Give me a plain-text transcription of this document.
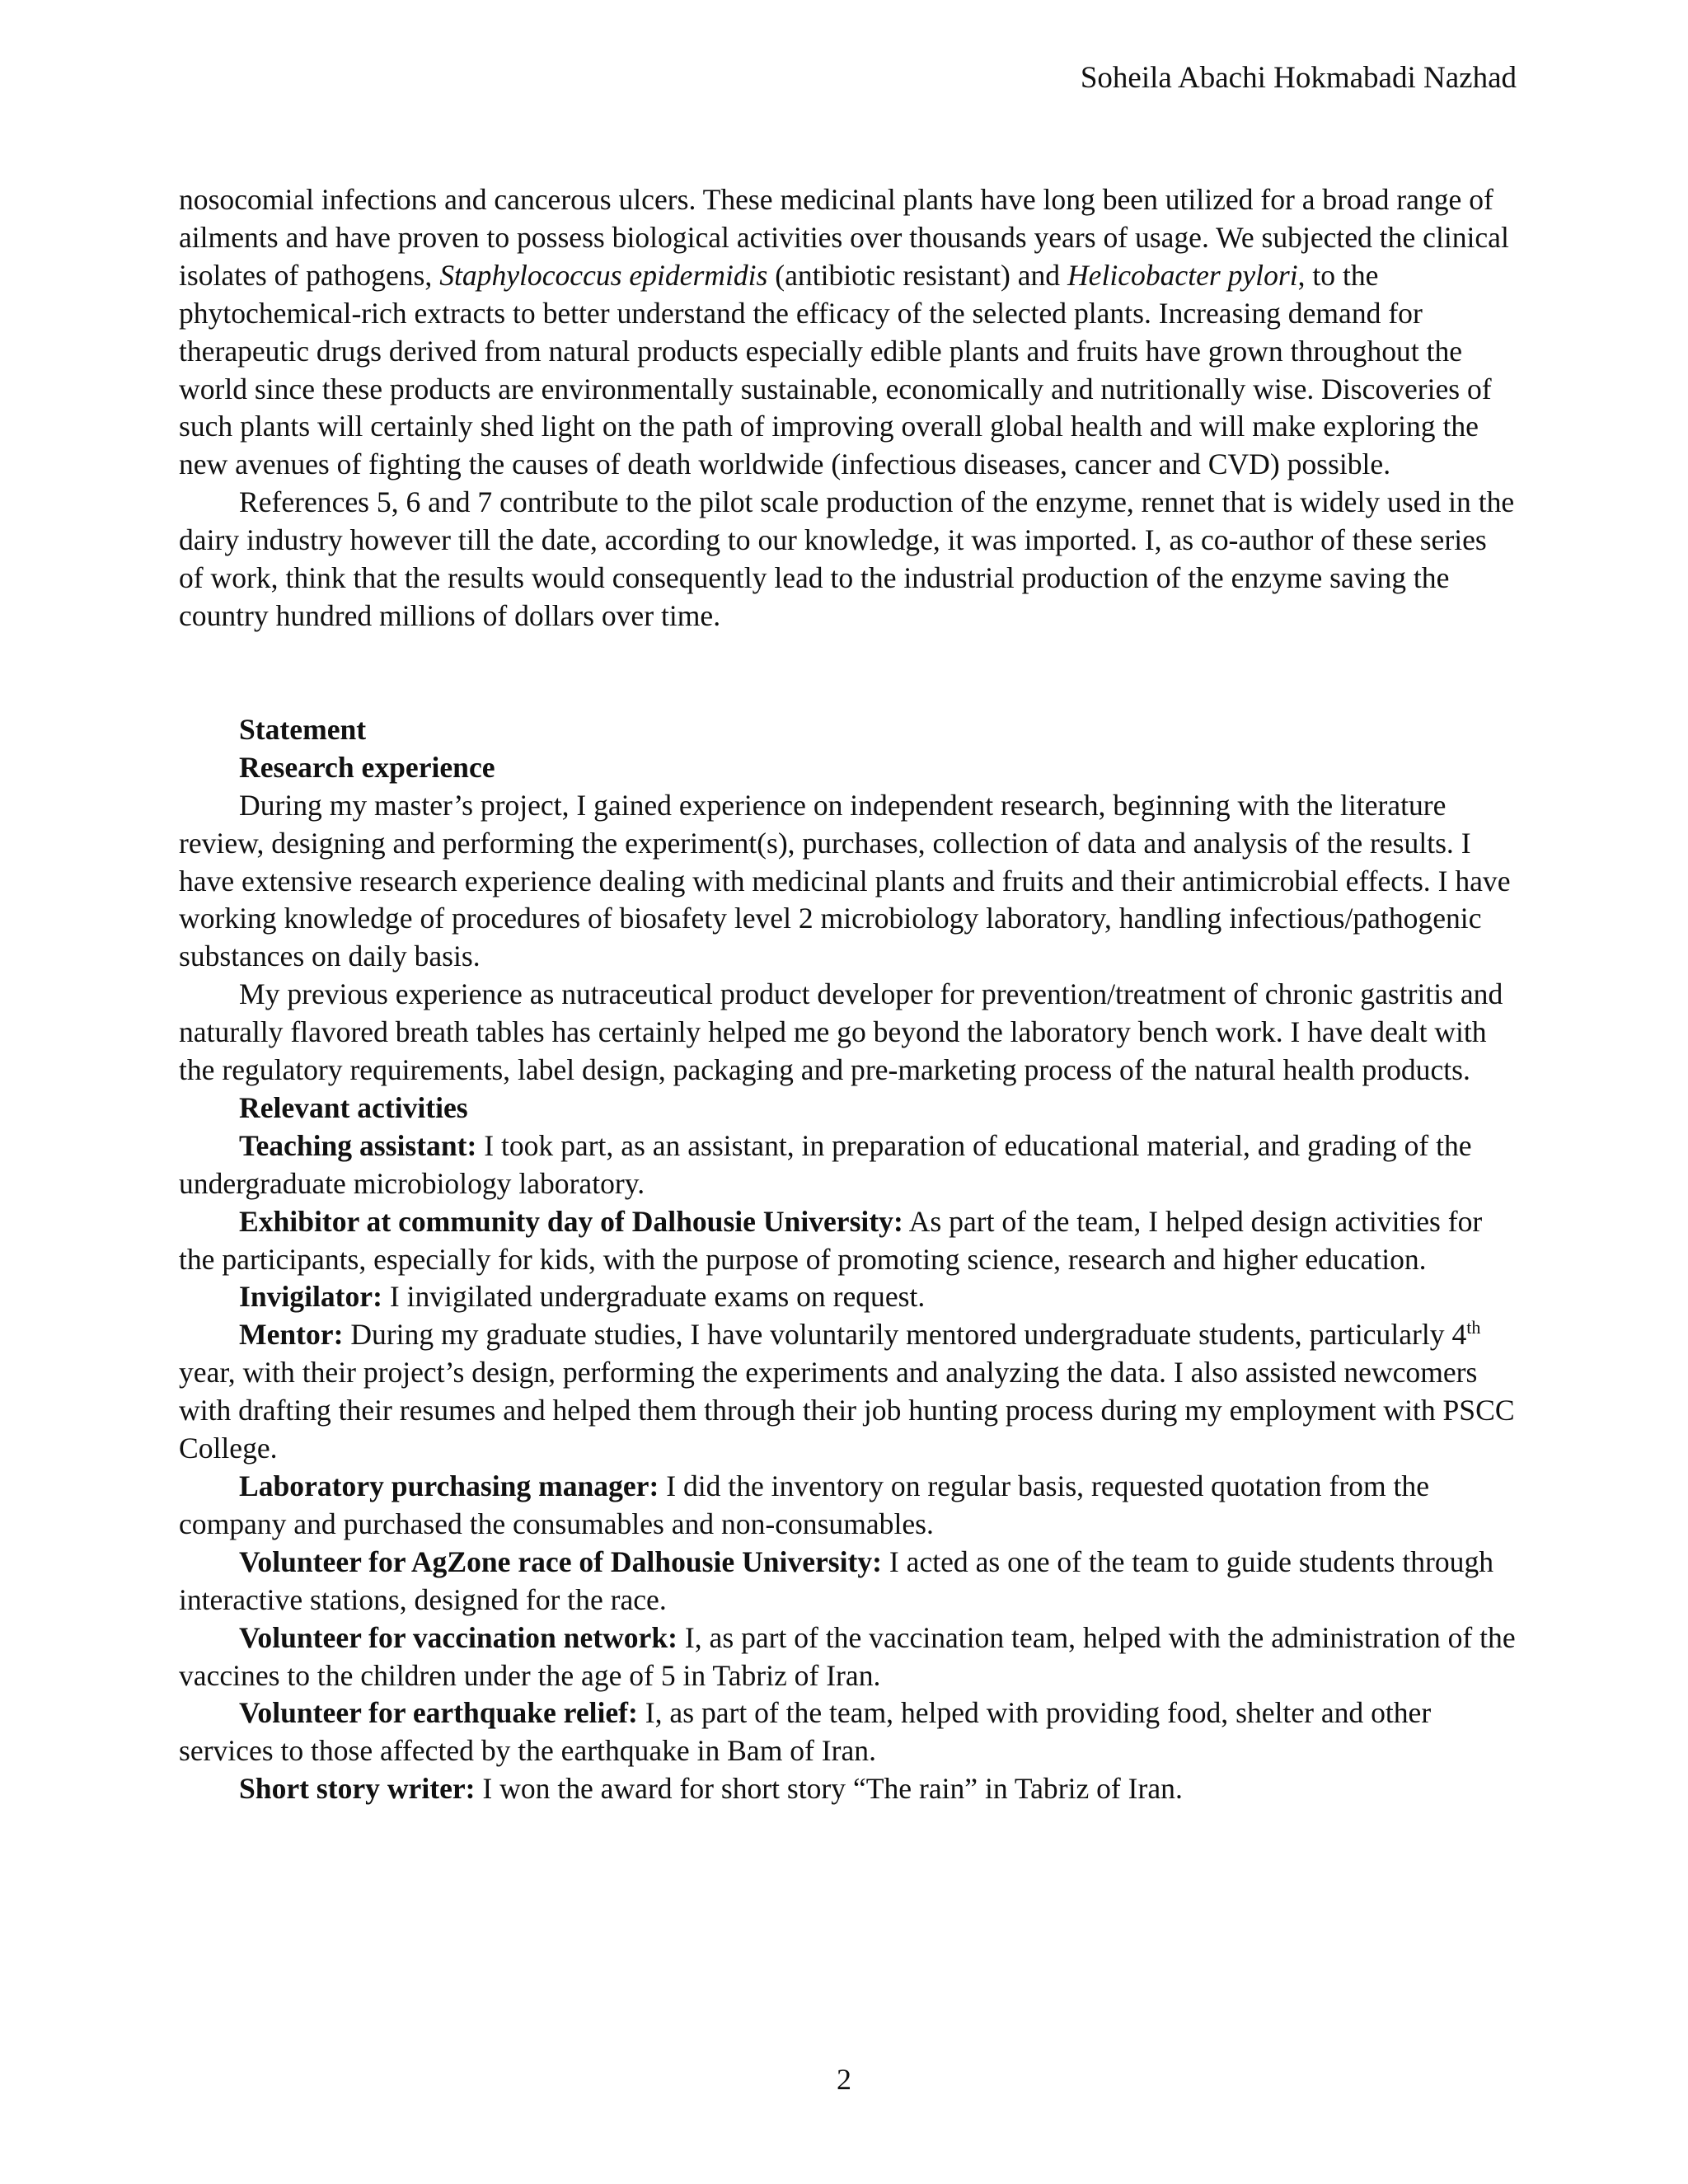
Soheila Abachi Hokmabadi Nazhad

nosocomial infections and cancerous ulcers. These medicinal plants have long been utilized for a broad range of ailments and have proven to possess biological activities over thousands years of usage. We subjected the clinical isolates of pathogens, Staphylococcus epidermidis (antibiotic resistant) and Helicobacter pylori, to the phytochemical-rich extracts to better understand the efficacy of the selected plants. Increasing demand for therapeutic drugs derived from natural products especially edible plants and fruits have grown throughout the world since these products are environmentally sustainable, economically and nutritionally wise. Discoveries of such plants will certainly shed light on the path of improving overall global health and will make exploring the new avenues of fighting the causes of death worldwide (infectious diseases, cancer and CVD) possible.

References 5, 6 and 7 contribute to the pilot scale production of the enzyme, rennet that is widely used in the dairy industry however till the date, according to our knowledge, it was imported. I, as co-author of these series of work, think that the results would consequently lead to the industrial production of the enzyme saving the country hundred millions of dollars over time.

Statement

Research experience

During my master’s project, I gained experience on independent research, beginning with the literature review, designing and performing the experiment(s), purchases, collection of data and analysis of the results. I have extensive research experience dealing with medicinal plants and fruits and their antimicrobial effects. I have working knowledge of procedures of biosafety level 2 microbiology laboratory, handling infectious/pathogenic substances on daily basis.

My previous experience as nutraceutical product developer for prevention/treatment of chronic gastritis and naturally flavored breath tables has certainly helped me go beyond the laboratory bench work. I have dealt with the regulatory requirements, label design, packaging and pre-marketing process of the natural health products.

Relevant activities

Teaching assistant: I took part, as an assistant, in preparation of educational material, and grading of the undergraduate microbiology laboratory.

Exhibitor at community day of Dalhousie University: As part of the team, I helped design activities for the participants, especially for kids, with the purpose of promoting science, research and higher education.

Invigilator: I invigilated undergraduate exams on request.

Mentor: During my graduate studies, I have voluntarily mentored undergraduate students, particularly 4th year, with their project’s design, performing the experiments and analyzing the data. I also assisted newcomers with drafting their resumes and helped them through their job hunting process during my employment with PSCC College.

Laboratory purchasing manager: I did the inventory on regular basis, requested quotation from the company and purchased the consumables and non-consumables.

Volunteer for AgZone race of Dalhousie University: I acted as one of the team to guide students through interactive stations, designed for the race.

Volunteer for vaccination network: I, as part of the vaccination team, helped with the administration of the vaccines to the children under the age of 5 in Tabriz of Iran.

Volunteer for earthquake relief: I, as part of the team, helped with providing food, shelter and other services to those affected by the earthquake in Bam of Iran.

Short story writer: I won the award for short story “The rain” in Tabriz of Iran.

2
